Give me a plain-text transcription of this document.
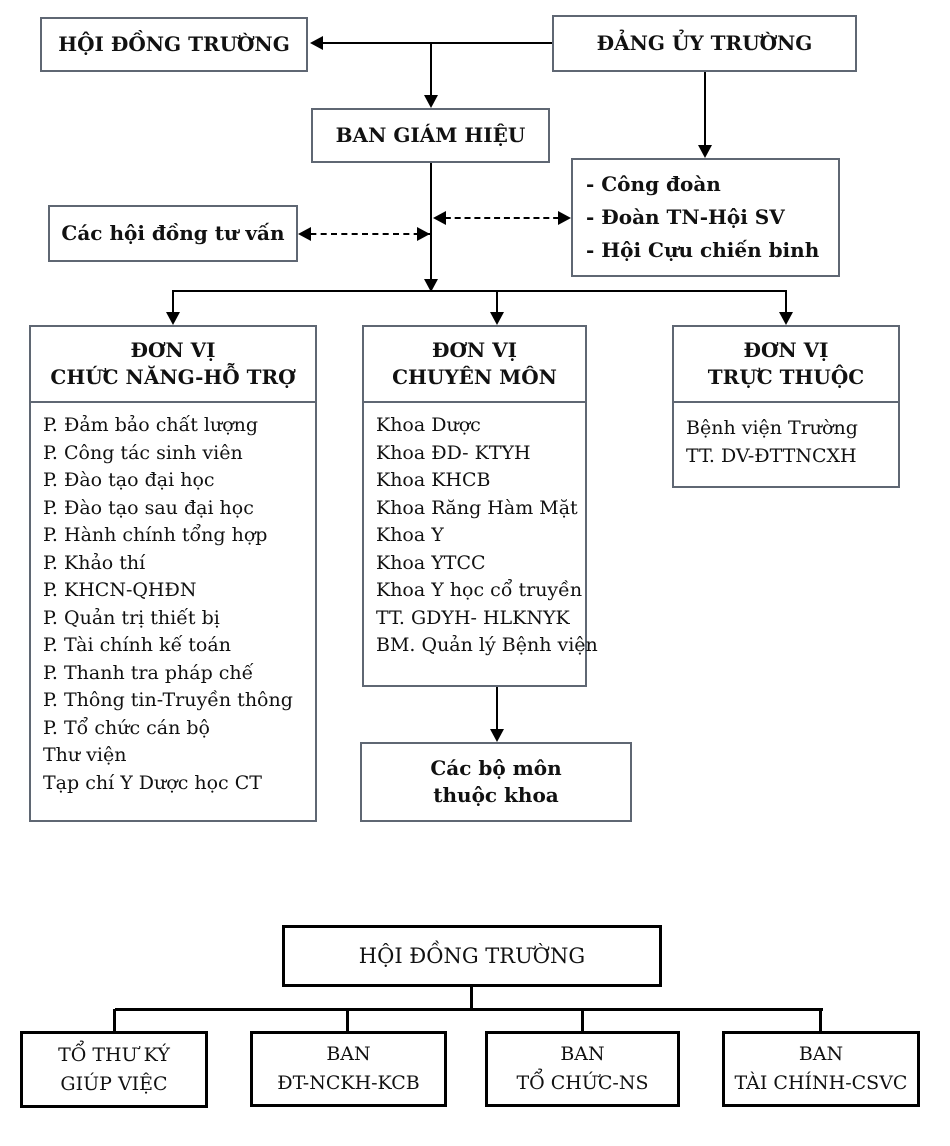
HỘI ĐỒNG TRƯỜNG	ĐẢNG ỦY TRƯỜNG
BAN GIÁM HIỆU
Các hội đồng tư vấn
- Công đoàn
- Đoàn TN-Hội SV
- Hội Cựu chiến binh
ĐƠN VỊ
CHỨC NĂNG-HỖ TRỢ
P. Đảm bảo chất lượng
P. Công tác sinh viên
P. Đào tạo đại học
P. Đào tạo sau đại học
P. Hành chính tổng hợp
P. Khảo thí
P. KHCN-QHĐN
P. Quản trị thiết bị
P. Tài chính kế toán
P. Thanh tra pháp chế
P. Thông tin-Truyền thông
P. Tổ chức cán bộ
Thư viện
Tạp chí Y Dược học CT
ĐƠN VỊ
CHUYÊN MÔN
Khoa Dược
Khoa ĐD- KTYH
Khoa KHCB
Khoa Răng Hàm Mặt
Khoa Y
Khoa YTCC
Khoa Y học cổ truyền
TT. GDYH- HLKNYK
BM. Quản lý Bệnh viện
ĐƠN VỊ
TRỰC THUỘC
Bệnh viện Trường
TT. DV-ĐTTNCXH
Các bộ môn
thuộc khoa
HỘI ĐỒNG TRƯỜNG
TỔ THƯ KÝ
GIÚP VIỆC
BAN
ĐT-NCKH-KCB
BAN
TỔ CHỨC-NS
BAN
TÀI CHÍNH-CSVC
